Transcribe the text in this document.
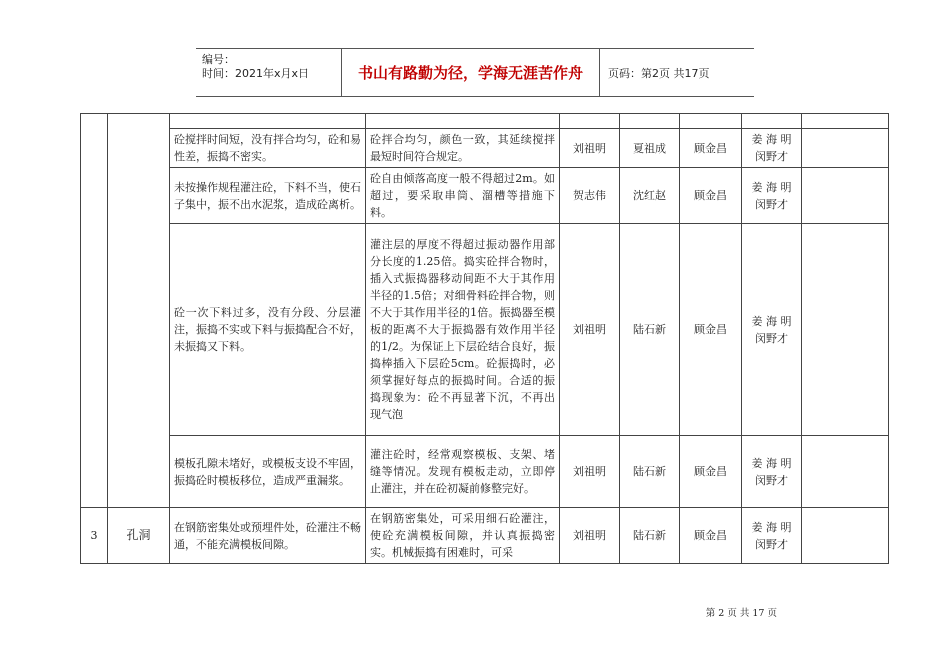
编号：
时间：2021年x月x日	书山有路勤为径，学海无涯苦作舟	页码：第2页 共17页

		砼搅拌时间短，没有拌合均匀，砼和易性差，振捣不密实。	砼拌合均匀，颜色一致，其延续搅拌最短时间符合规定。	刘祖明	夏祖成	顾金昌	姜 海 明
闵野才	
		未按操作规程灌注砼，下料不当，使石子集中，振不出水泥浆，造成砼离析。	砼自由倾落高度一般不得超过2m。如超过，要采取串筒、溜槽等措施下料。	贺志伟	沈红赵	顾金昌	姜 海 明
闵野才	
		砼一次下料过多，没有分段、分层灌注，振捣不实或下料与振捣配合不好，未振捣又下料。	灌注层的厚度不得超过振动器作用部分长度的1.25倍。捣实砼拌合物时，插入式振捣器移动间距不大于其作用半径的1.5倍；对细骨料砼拌合物，则不大于其作用半径的1倍。振捣器至模板的距离不大于振捣器有效作用半径的1/2。为保证上下层砼结合良好，振捣棒插入下层砼5cm。砼振捣时，必须掌握好每点的振捣时间。合适的振捣现象为：砼不再显著下沉，不再出现气泡	刘祖明	陆石新	顾金昌	姜 海 明
闵野才	
		模板孔隙未堵好，或模板支设不牢固，振捣砼时模板移位，造成严重漏浆。	灌注砼时，经常观察模板、支架、堵缝等情况。发现有模板走动，立即停止灌注，并在砼初凝前修整完好。	刘祖明	陆石新	顾金昌	姜 海 明
闵野才	
3	孔洞	在钢筋密集处或预埋件处，砼灌注不畅通，不能充满模板间隙。	在钢筋密集处，可采用细石砼灌注，使砼充满模板间隙，并认真振捣密实。机械振捣有困难时，可采	刘祖明	陆石新	顾金昌	姜 海 明
闵野才	
第 2 页 共 17 页
